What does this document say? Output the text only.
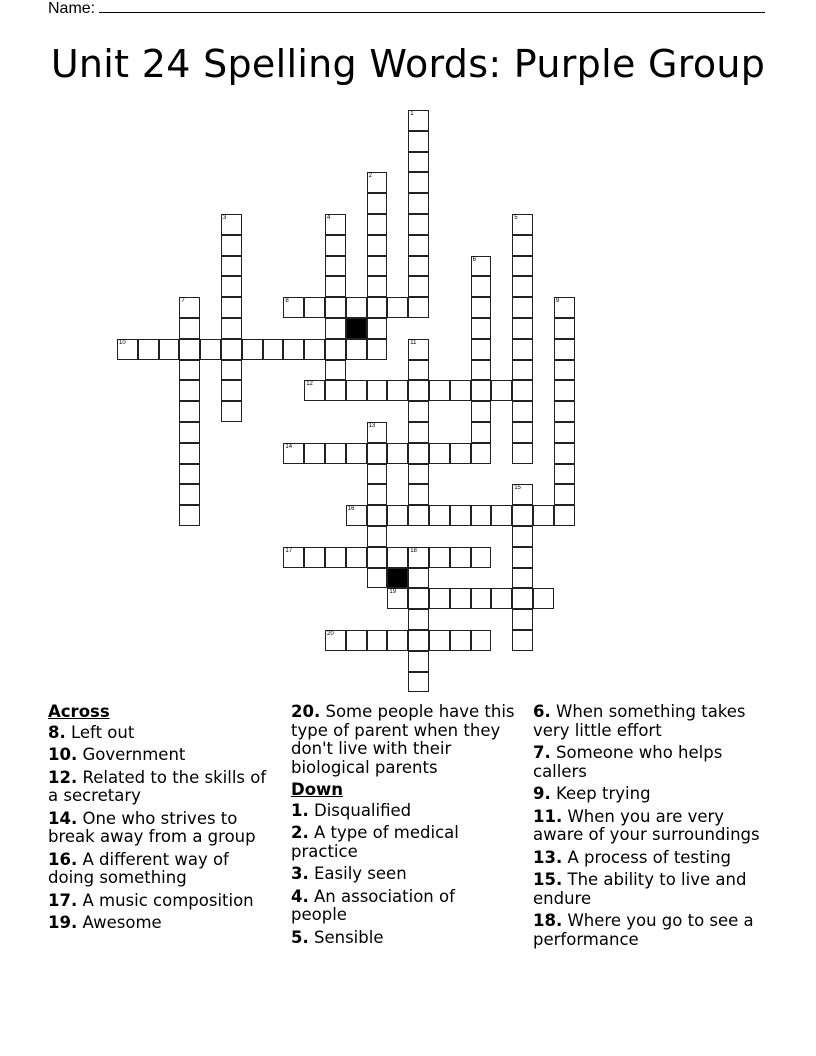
Name:
Unit 24 Spelling Words: Purple Group
1
2
3	4	5
6
7	8	9
10	11
12
13
14
15
16
17	18
19
20
Across
8. Left out
10. Government
12. Related to the skills of a secretary
14. One who strives to break away from a group
16. A different way of doing something
17. A music composition
19. Awesome
20. Some people have this type of parent when they don't live with their biological parents
Down
1. Disqualified
2. A type of medical practice
3. Easily seen
4. An association of people
5. Sensible
6. When something takes very little effort
7. Someone who helps callers
9. Keep trying
11. When you are very aware of your surroundings
13. A process of testing
15. The ability to live and endure
18. Where you go to see a performance
